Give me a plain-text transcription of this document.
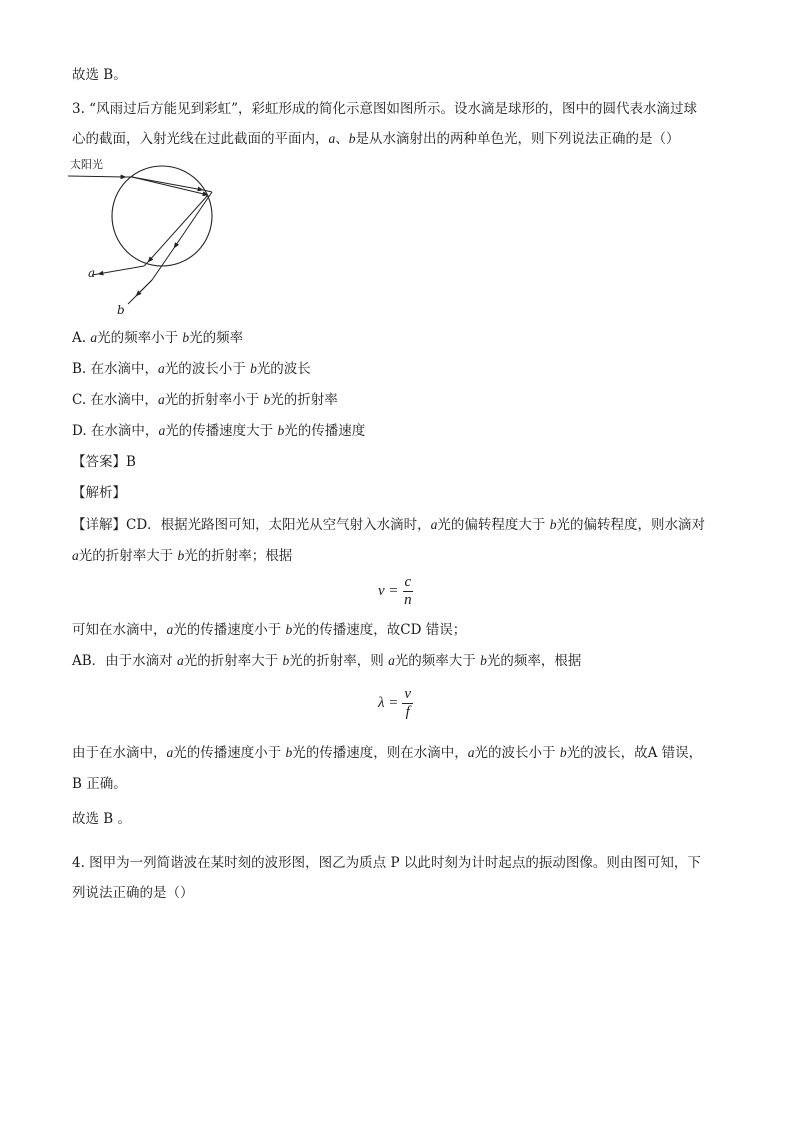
故选 B。
3. “风雨过后方能见到彩虹”，彩虹形成的简化示意图如图所示。设水滴是球形的，图中的圆代表水滴过球
心的截面，入射光线在过此截面的平面内，a、b是从水滴射出的两种单色光，则下列说法正确的是（）
太阳光
a
b
A. a光的频率小于 b光的频率
B. 在水滴中，a光的波长小于 b光的波长
C. 在水滴中，a光的折射率小于 b光的折射率
D. 在水滴中，a光的传播速度大于 b光的传播速度
【答案】B
【解析】
【详解】CD．根据光路图可知，太阳光从空气射入水滴时，a光的偏转程度大于 b光的偏转程度，则水滴对
a光的折射率大于 b光的折射率；根据
$v = \frac{c}{n}$
可知在水滴中，a光的传播速度小于 b光的传播速度，故CD 错误；
AB．由于水滴对 a光的折射率大于 b光的折射率，则 a光的频率大于 b光的频率，根据
$\lambda = \frac{v}{f}$
由于在水滴中，a光的传播速度小于 b光的传播速度，则在水滴中，a光的波长小于 b光的波长，故A 错误，
B 正确。
故选 B 。
4. 图甲为一列简谐波在某时刻的波形图，图乙为质点 P 以此时刻为计时起点的振动图像。则由图可知，下
列说法正确的是（）
